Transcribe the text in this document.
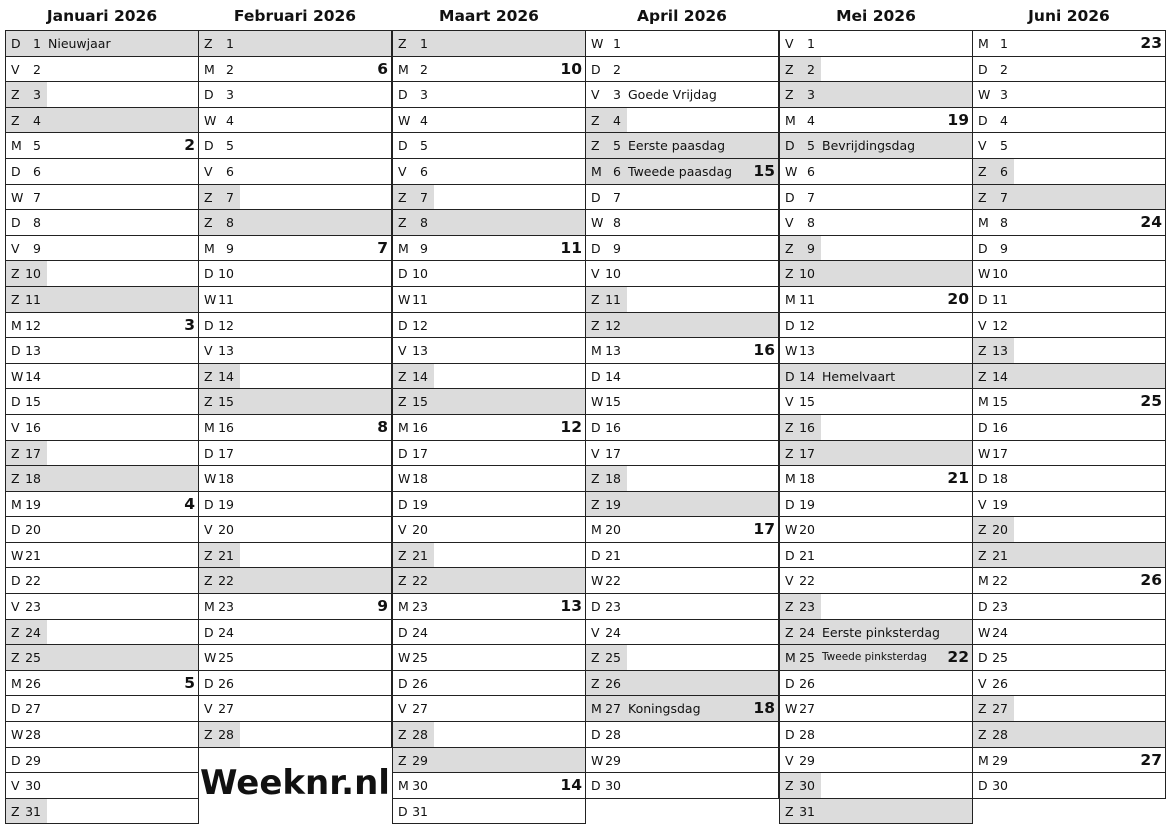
Januari 2026
D 1 Nieuwjaar
V	2
Z	3
Z	4
M 5	2
D 6
W 7
D 8
V	9
Z 10
Z 11
M 12	3
D 13
W 14
D 15
V 16
Z 17
Z 18
M 19	4
D 20
W 21
D 22
V 23
Z 24
Z 25
M 26	5
D 27
W 28
D 29
V 30
Z 31
Februari 2026
Z	1
M 2	6
D 3
W 4
D 5
V	6
Z	7
Z	8
M 9	7
D 10
W 11
D 12
V 13
Z 14
Z 15
M 16	8
D 17
W 18
D 19
V 20
Z 21
Z 22
M 23	9
D 24
W 25
D 26
V 27
Z 28
Maart 2026
Z	1
M 2	10
D 3
W 4
D 5
V	6
Z	7
Z	8
M 9	11
D 10
W 11
D 12
V 13
Z 14
Z 15
M 16	12
D 17
W 18
D 19
V 20
Z 21
Z 22
M 23	13
D 24
W 25
D 26
V 27
Z 28
Z 29
M 30	14
D 31
April 2026
W 1
D 2
V	3 Goede Vrijdag
Z	4
Z	5 Eerste paasdag
M 6 Tweede paasdag 15
D 7
W 8
D 9
V 10
Z 11
Z 12
M 13	16
D 14
W 15
D 16
V 17
Z 18
Z 19
M 20	17
D 21
W 22
D 23
V 24
Z 25
Z 26
M 27 Koningsdag	18
D 28
W 29
D 30
Mei 2026
V	1
Z	2
Z	3
M 4	19
D 5 Bevrijdingsdag
W 6
D 7
V	8
Z	9
Z 10
M 11	20
D 12
W 13
D 14 Hemelvaart
V 15
Z 16
Z 17
M 18	21
D 19
W 20
D 21
V 22
Z 23
Z 24 Eerste pinksterdag
M 25 Tweede pinksterdag 22
D 26
W 27
D 28
V 29
Z 30
Z 31
Juni 2026
M 1	23
D 2
W 3
D 4
V	5
Z	6
Z	7
M 8	24
D 9
W 10
D 11
V 12
Z 13
Z 14
M 15	25
D 16
W 17
D 18
V 19
Z 20
Z 21
M 22	26
D 23
W 24
D 25
V 26
Z 27
Z 28
M 29	27
D 30
Weeknr.nl
